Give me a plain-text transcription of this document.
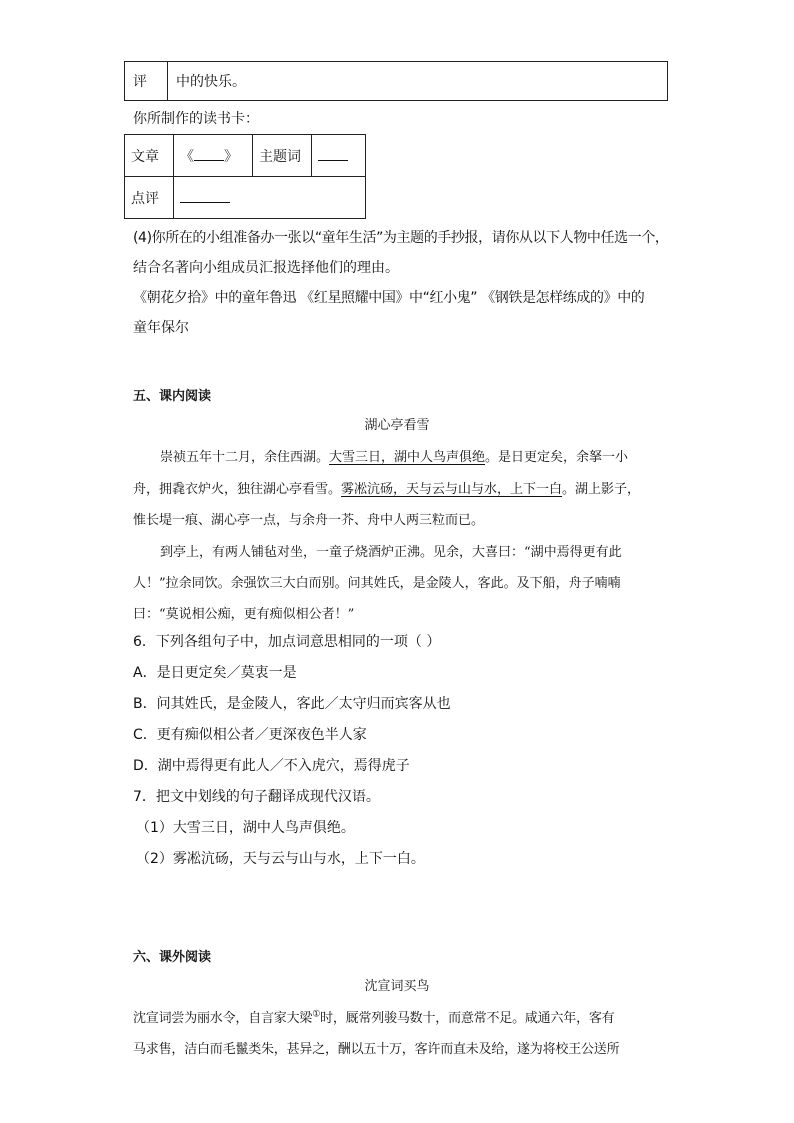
评	中的快乐。
你所制作的读书卡：
文章	《 》	主题词	
点评			
(4)你所在的小组准备办一张以“童年生活”为主题的手抄报，请你从以下人物中任选一个，
结合名著向小组成员汇报选择他们的理由。
《朝花夕拾》中的童年鲁迅 《红星照耀中国》中“红小鬼” 《钢铁是怎样练成的》中的
童年保尔
五、课内阅读
湖心亭看雪
崇祯五年十二月，余住西湖。大雪三日，湖中人鸟声俱绝。是日更定矣，余拏一小
舟，拥毳衣炉火，独往湖心亭看雪。雾凇沆砀，天与云与山与水，上下一白。湖上影子，
惟长堤一痕、湖心亭一点，与余舟一芥、舟中人两三粒而已。
到亭上，有两人铺毡对坐，一童子烧酒炉正沸。见余，大喜曰：“湖中焉得更有此
人！”拉余同饮。余强饮三大白而别。问其姓氏，是金陵人，客此。及下船，舟子喃喃
曰：“莫说相公痴，更有痴似相公者！”
6．下列各组句子中，加点词意思相同的一项（ ）
A．是日更定矣／莫衷一是
B．问其姓氏，是金陵人，客此／太守归而宾客从也
C．更有痴似相公者／更深夜色半人家
D．湖中焉得更有此人／不入虎穴，焉得虎子
7．把文中划线的句子翻译成现代汉语。
（1）大雪三日，湖中人鸟声俱绝。
（2）雾凇沆砀，天与云与山与水，上下一白。
六、课外阅读
沈宣词买鸟
沈宣词尝为丽水令，自言家大梁①时，厩常列骏马数十，而意常不足。咸通六年，客有
马求售，洁白而毛鬣类朱，甚异之，酬以五十万，客许而直未及给，遂为将校王公送所
